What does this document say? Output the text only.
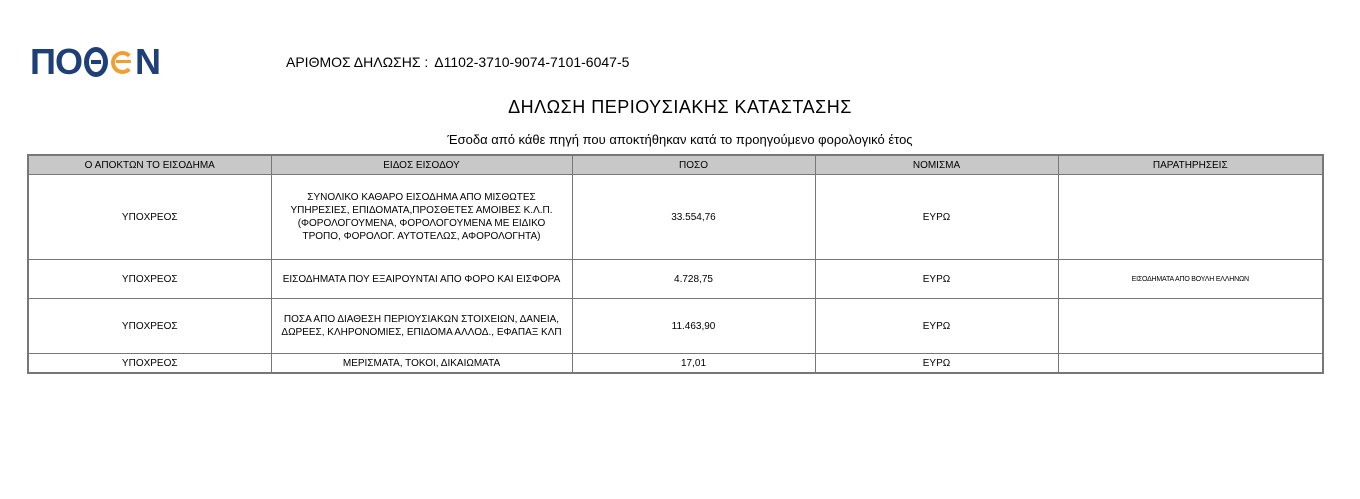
Π Ο Ν	ΑΡΙΘΜΟΣ ΔΗΛΩΣΗΣ : Δ1102-3710-9074-7101-6047-5
ΔΗΛΩΣΗ ΠΕΡΙΟΥΣΙΑΚΗΣ ΚΑΤΑΣΤΑΣΗΣ
Έσοδα από κάθε πηγή που αποκτήθηκαν κατά το προηγούμενο φορολογικό έτος
Ο ΑΠΟΚΤΩΝ ΤΟ ΕΙΣΟΔΗΜΑ	ΕΙΔΟΣ ΕΙΣΟΔΟΥ	ΠΟΣΟ	ΝΟΜΙΣΜΑ	ΠΑΡΑΤΗΡΗΣΕΙΣ
ΥΠΟΧΡΕΟΣ	ΣΥΝΟΛΙΚΟ ΚΑΘΑΡΟ ΕΙΣΟΔΗΜΑ ΑΠΟ ΜΙΣΘΩΤΕΣ ΥΠΗΡΕΣΙΕΣ, ΕΠΙΔΟΜΑΤΑ,ΠΡΟΣΘΕΤΕΣ ΑΜΟΙΒΕΣ Κ.Λ.Π.(ΦΟΡΟΛΟΓΟΥΜΕΝΑ, ΦΟΡΟΛΟΓΟΥΜΕΝΑ ΜΕ ΕΙΔΙΚΟ ΤΡΟΠΟ, ΦΟΡΟΛΟΓ. ΑΥΤΟΤΕΛΩΣ, ΑΦΟΡΟΛΟΓΗΤΑ)	33.554,76	ΕΥΡΩ	
ΥΠΟΧΡΕΟΣ	ΕΙΣΟΔΗΜΑΤΑ ΠΟΥ ΕΞΑΙΡΟΥΝΤΑΙ ΑΠΟ ΦΟΡΟ ΚΑΙ ΕΙΣΦΟΡΑ	4.728,75	ΕΥΡΩ	ΕΙΣΟΔΗΜΑΤΑ ΑΠΟ ΒΟΥΛΗ ΕΛΛΗΝΩΝ
ΥΠΟΧΡΕΟΣ	ΠΟΣΑ ΑΠΟ ΔΙΑΘΕΣΗ ΠΕΡΙΟΥΣΙΑΚΩΝ ΣΤΟΙΧΕΙΩΝ, ΔΑΝΕΙΑ, ΔΩΡΕΕΣ, ΚΛΗΡΟΝΟΜΙΕΣ, ΕΠΙΔΟΜΑ ΑΛΛΟΔ., ΕΦΑΠΑΞ ΚΛΠ	11.463,90	ΕΥΡΩ	
ΥΠΟΧΡΕΟΣ	ΜΕΡΙΣΜΑΤΑ, ΤΟΚΟΙ, ΔΙΚΑΙΩΜΑΤΑ	17,01	ΕΥΡΩ	
